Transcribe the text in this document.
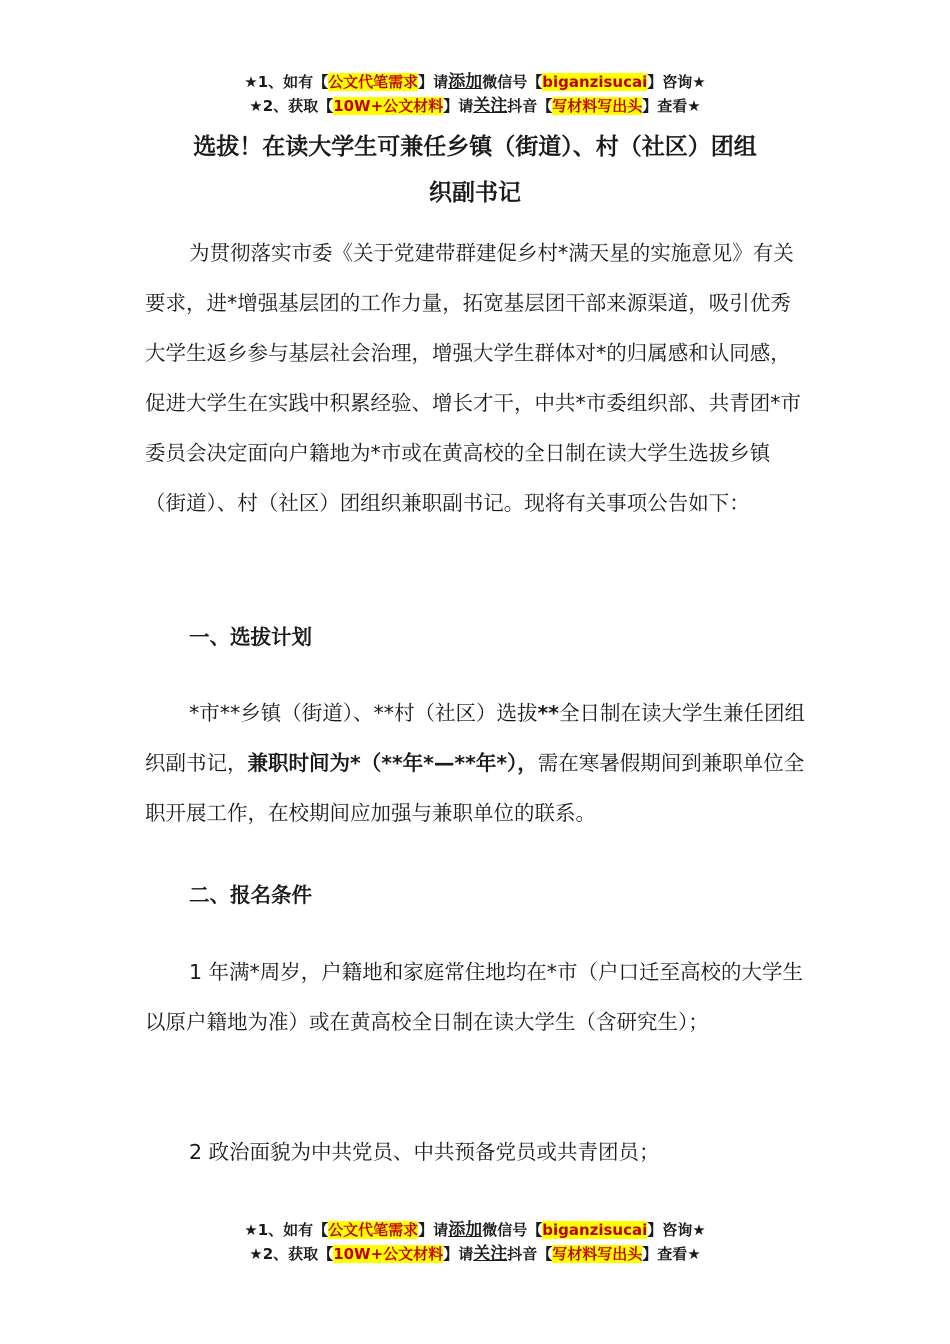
★1、如有【公文代笔需求】请添加微信号【biganzisucai】咨询★
★2、获取【10W+公文材料】请关注抖音【写材料写出头】查看★
选拔！在读大学生可兼任乡镇（街道）、村（社区）团组
织副书记
为贯彻落实市委《关于党建带群建促乡村*满天星的实施意见》有关要求，进*增强基层团的工作力量，拓宽基层团干部来源渠道，吸引优秀大学生返乡参与基层社会治理，增强大学生群体对*的归属感和认同感，促进大学生在实践中积累经验、增长才干，中共*市委组织部、共青团*市委员会决定面向户籍地为*市或在黄高校的全日制在读大学生选拔乡镇（街道）、村（社区）团组织兼职副书记。现将有关事项公告如下：
一、选拔计划
*市**乡镇（街道）、**村（社区）选拔**全日制在读大学生兼任团组织副书记，兼职时间为*（**年*—**年*），需在寒暑假期间到兼职单位全职开展工作，在校期间应加强与兼职单位的联系。
二、报名条件
1 年满*周岁，户籍地和家庭常住地均在*市（户口迁至高校的大学生以原户籍地为准）或在黄高校全日制在读大学生（含研究生）；
2 政治面貌为中共党员、中共预备党员或共青团员；
★1、如有【公文代笔需求】请添加微信号【biganzisucai】咨询★
★2、获取【10W+公文材料】请关注抖音【写材料写出头】查看★
